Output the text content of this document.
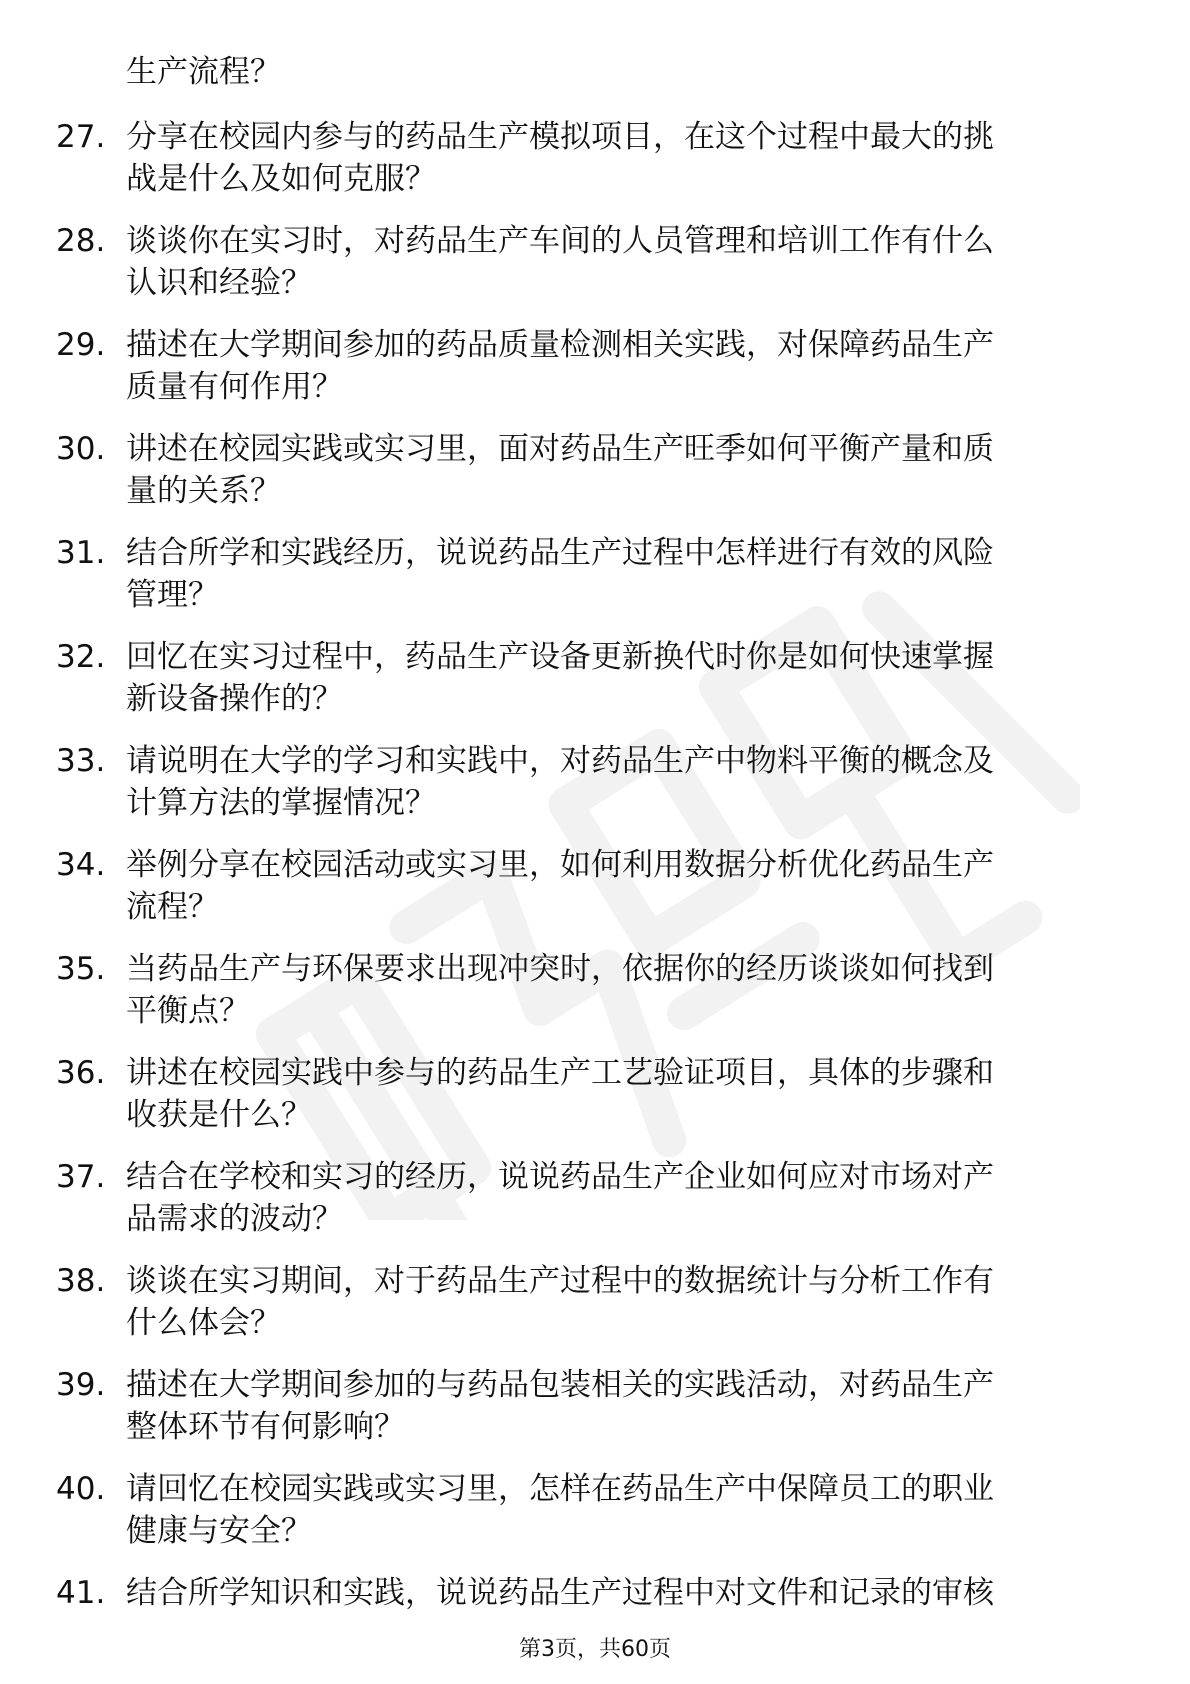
生产流程？
27. 分享在校园内参与的药品生产模拟项目，在这个过程中最大的挑
战是什么及如何克服？
28. 谈谈你在实习时，对药品生产车间的人员管理和培训工作有什么
认识和经验？
29. 描述在大学期间参加的药品质量检测相关实践，对保障药品生产
质量有何作用？
30. 讲述在校园实践或实习里，面对药品生产旺季如何平衡产量和质
量的关系？
31. 结合所学和实践经历，说说药品生产过程中怎样进行有效的风险
管理？
32. 回忆在实习过程中，药品生产设备更新换代时你是如何快速掌握
新设备操作的？
33. 请说明在大学的学习和实践中，对药品生产中物料平衡的概念及
计算方法的掌握情况？
34. 举例分享在校园活动或实习里，如何利用数据分析优化药品生产
流程？
35. 当药品生产与环保要求出现冲突时，依据你的经历谈谈如何找到
平衡点？
36. 讲述在校园实践中参与的药品生产工艺验证项目，具体的步骤和
收获是什么？
37. 结合在学校和实习的经历，说说药品生产企业如何应对市场对产
品需求的波动？
38. 谈谈在实习期间，对于药品生产过程中的数据统计与分析工作有
什么体会？
39. 描述在大学期间参加的与药品包装相关的实践活动，对药品生产
整体环节有何影响？
40. 请回忆在校园实践或实习里，怎样在药品生产中保障员工的职业
健康与安全？
41. 结合所学知识和实践，说说药品生产过程中对文件和记录的审核
第3页，共60页
